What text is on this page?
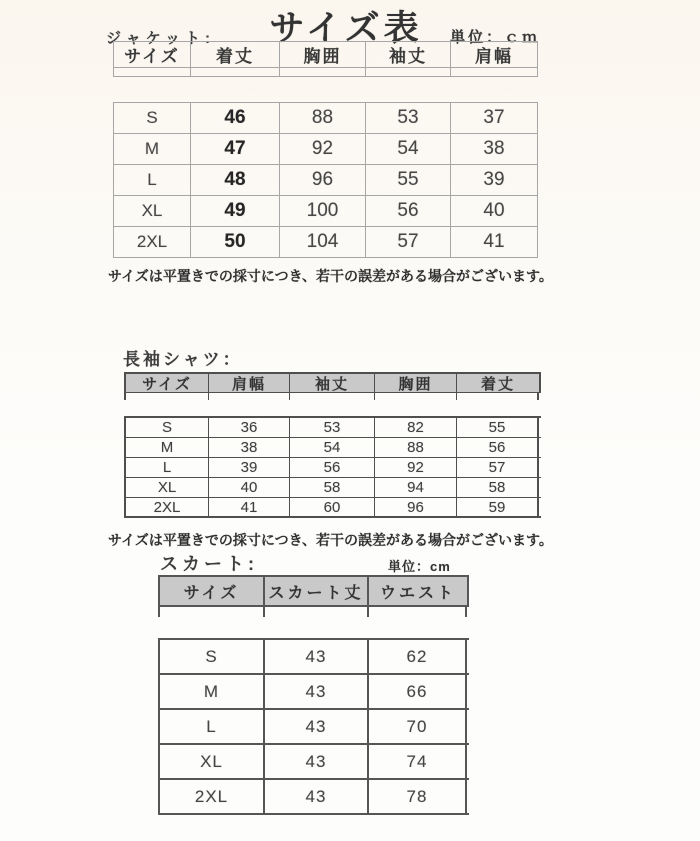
サイズ表
ジャケット:	単位：ｃｍ
サイズ	着丈	胸囲	袖丈	肩幅
S	46	88	53	37
M	47	92	54	38
L	48	96	55	39
XL	49	100	56	40
2XL	50	104	57	41
サイズは平置きでの採寸につき、若干の誤差がある場合がございます。
長袖シャツ：
サイズ	肩幅	袖丈	胸囲	着丈
S	36	53	82	55
M	38	54	88	56
L	39	56	92	57
XL	40	58	94	58
2XL	41	60	96	59
サイズは平置きでの採寸につき、若干の誤差がある場合がございます。
スカート:	単位：cm
サイズ	スカート丈	ウエスト
S	43	62
M	43	66
L	43	70
XL	43	74
2XL	43	78
